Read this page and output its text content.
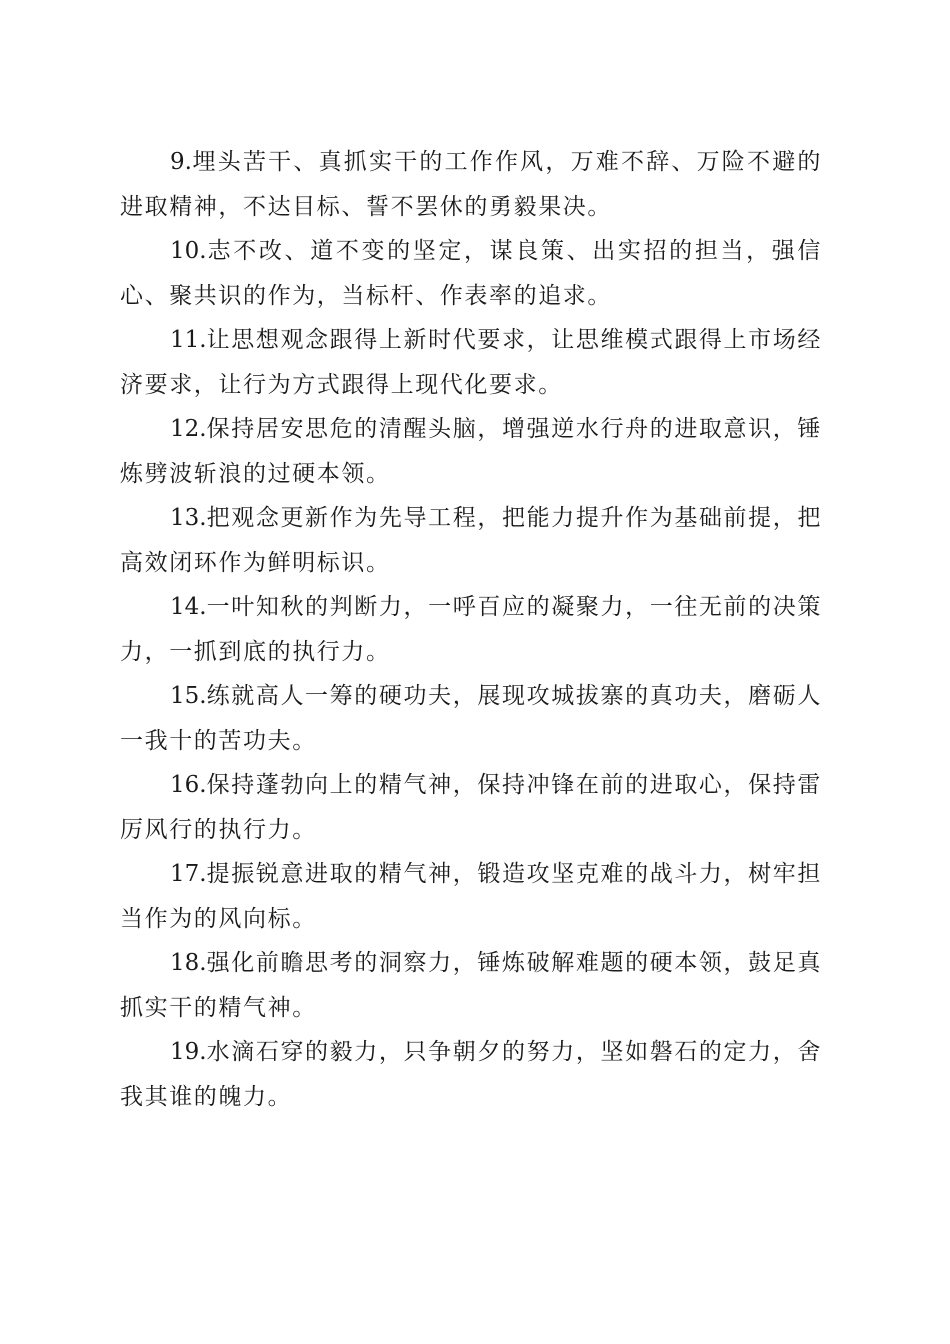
9.埋头苦干、真抓实干的工作作风，万难不辞、万险不避的进取精神，不达目标、誓不罢休的勇毅果决。

10.志不改、道不变的坚定，谋良策、出实招的担当，强信心、聚共识的作为，当标杆、作表率的追求。

11.让思想观念跟得上新时代要求，让思维模式跟得上市场经济要求，让行为方式跟得上现代化要求。

12.保持居安思危的清醒头脑，增强逆水行舟的进取意识，锤炼劈波斩浪的过硬本领。

13.把观念更新作为先导工程，把能力提升作为基础前提，把高效闭环作为鲜明标识。

14.一叶知秋的判断力，一呼百应的凝聚力，一往无前的决策力，一抓到底的执行力。

15.练就高人一筹的硬功夫，展现攻城拔寨的真功夫，磨砺人一我十的苦功夫。

16.保持蓬勃向上的精气神，保持冲锋在前的进取心，保持雷厉风行的执行力。

17.提振锐意进取的精气神，锻造攻坚克难的战斗力，树牢担当作为的风向标。

18.强化前瞻思考的洞察力，锤炼破解难题的硬本领，鼓足真抓实干的精气神。

19.水滴石穿的毅力，只争朝夕的努力，坚如磐石的定力，舍我其谁的魄力。
